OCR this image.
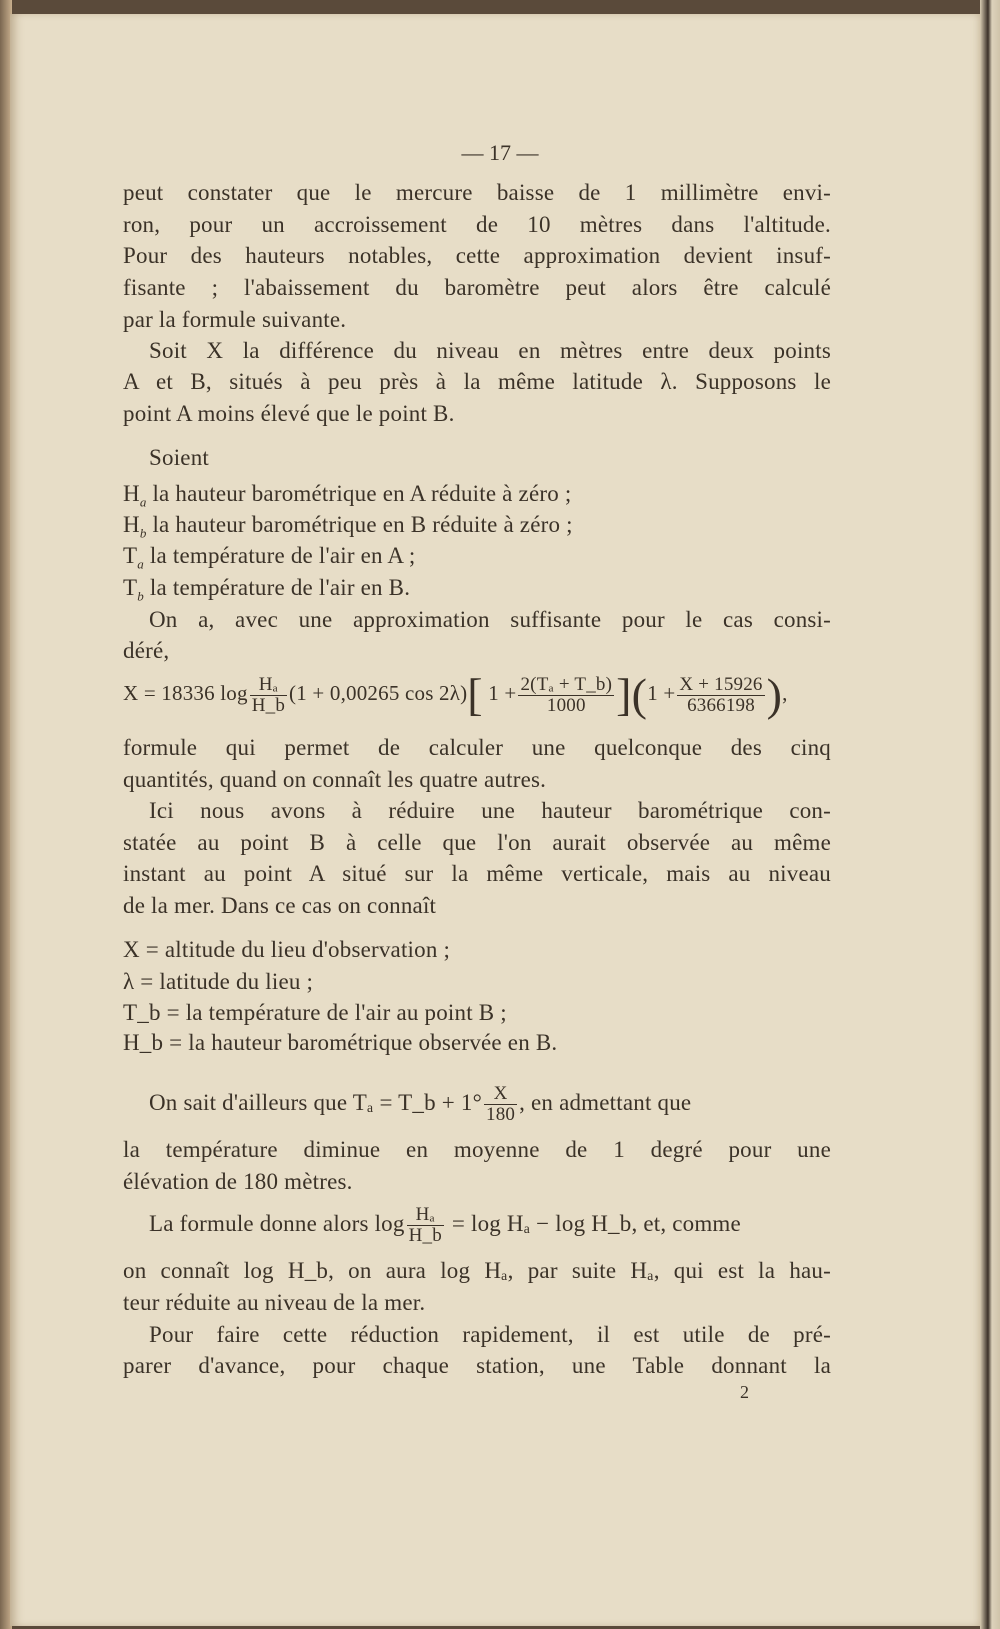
— 17 —
peut constater que le mercure baisse de 1 millimètre envi-
ron, pour un accroissement de 10 mètres dans l'altitude.
Pour des hauteurs notables, cette approximation devient insuf-
fisante ; l'abaissement du baromètre peut alors être calculé
par la formule suivante.
Soit X la différence du niveau en mètres entre deux points
A et B, situés à peu près à la même latitude λ. Supposons le
point A moins élevé que le point B.
Soient
$H_a$ la hauteur barométrique en A réduite à zéro ;
$H_b$ la hauteur barométrique en B réduite à zéro ;
$T_a$ la température de l'air en A ;
$T_b$ la température de l'air en B.
On a, avec une approximation suffisante pour le cas consi-
déré,
X = 18336 $\log \frac{\text{Hₐ}}{H\_b} (1 + 0,00265$ cos 2λ)[ $1 + \frac{\text{2(Tₐ + T\_b)}}{1000} ](1 + \frac{X + 15926}{6366198}$ ),
formule qui permet de calculer une quelconque des cinq
quantités, quand on connaît les quatre autres.
Ici nous avons à réduire une hauteur barométrique con-
statée au point B à celle que l'on aurait observée au même
instant au point A situé sur la même verticale, mais au niveau
de la mer. Dans ce cas on connaît
X = altitude du lieu d'observation ;
λ = latitude du lieu ;
T_b = la température de l'air au point B ;
H_b = la hauteur barométrique observée en B.
On sait d'ailleurs que Tₐ = T_b + $1^\circ \frac{X}{180}$ , en admettant que
la température diminue en moyenne de 1 degré pour une
élévation de 180 mètres.
La formule donne alors $\log \frac{\text{Hₐ}}{H\_b} = \log H_a - \log$ H_b, et, comme
on connaît log H_b, on aura log Hₐ, par suite Hₐ, qui est la hau-
teur réduite au niveau de la mer.
Pour faire cette réduction rapidement, il est utile de pré-
parer d'avance, pour chaque station, une Table donnant la
2
